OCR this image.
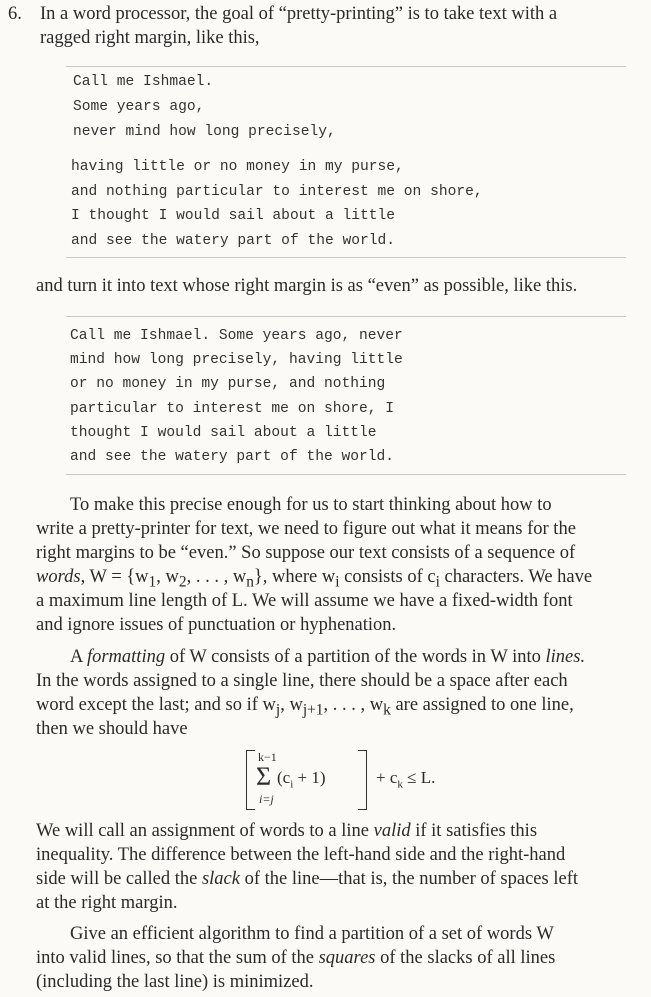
6. In a word processor, the goal of “pretty-printing” is to take text with a
ragged right margin, like this,
Call me Ishmael.
Some years ago,
never mind how long precisely,
having little or no money in my purse,
and nothing particular to interest me on shore,
I thought I would sail about a little
and see the watery part of the world.
and turn it into text whose right margin is as “even” as possible, like this.
Call me Ishmael. Some years ago, never
mind how long precisely, having little
or no money in my purse, and nothing
particular to interest me on shore, I
thought I would sail about a little
and see the watery part of the world.
To make this precise enough for us to start thinking about how to
write a pretty-printer for text, we need to figure out what it means for the
right margins to be “even.” So suppose our text consists of a sequence of
words, $W = \{w_1$, $w_2$, . . . , $w_n$}, where $w_i$ consists of $c_i$ characters. We have
a maximum line length of L. We will assume we have a fixed-width font
and ignore issues of punctuation or hyphenation.
A formatting of W consists of a partition of the words in W into lines.
In the words assigned to a single line, there should be a space after each
word except the last; and so if $w_j$, $w_{j+1}$, . . . , $w_k$ are assigned to one line,
then we should have
k−1
Σ
i=j
$(c_i + 1)$	+ $c_k \le L$.
We will call an assignment of words to a line valid if it satisfies this
inequality. The difference between the left-hand side and the right-hand
side will be called the slack of the line—that is, the number of spaces left
at the right margin.
Give an efficient algorithm to find a partition of a set of words W
into valid lines, so that the sum of the squares of the slacks of all lines
(including the last line) is minimized.
